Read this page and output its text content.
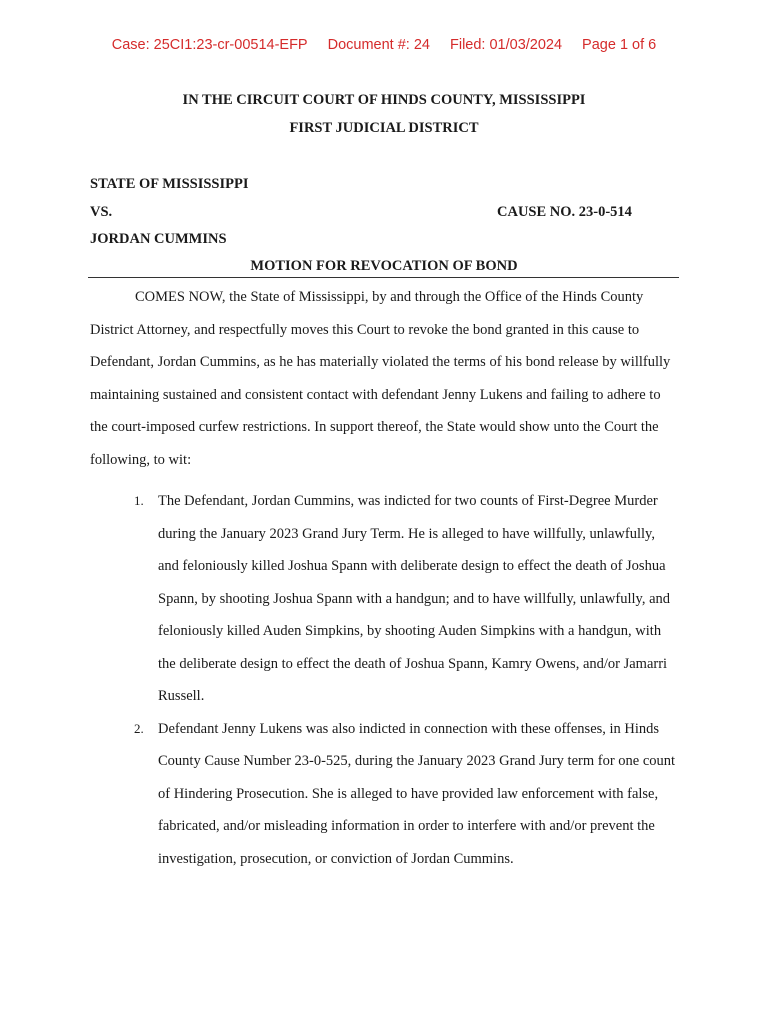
Case: 25CI1:23-cr-00514-EFP Document #: 24 Filed: 01/03/2024 Page 1 of 6
IN THE CIRCUIT COURT OF HINDS COUNTY, MISSISSIPPI
FIRST JUDICIAL DISTRICT
STATE OF MISSISSIPPI
VS.	CAUSE NO. 23-0-514
JORDAN CUMMINS
MOTION FOR REVOCATION OF BOND

COMES NOW, the State of Mississippi, by and through the Office of the Hinds County District Attorney, and respectfully moves this Court to revoke the bond granted in this cause to Defendant, Jordan Cummins, as he has materially violated the terms of his bond release by willfully maintaining sustained and consistent contact with defendant Jenny Lukens and failing to adhere to the court-imposed curfew restrictions. In support thereof, the State would show unto the Court the following, to wit:

1. The Defendant, Jordan Cummins, was indicted for two counts of First-Degree Murder during the January 2023 Grand Jury Term. He is alleged to have willfully, unlawfully, and feloniously killed Joshua Spann with deliberate design to effect the death of Joshua Spann, by shooting Joshua Spann with a handgun; and to have willfully, unlawfully, and feloniously killed Auden Simpkins, by shooting Auden Simpkins with a handgun, with the deliberate design to effect the death of Joshua Spann, Kamry Owens, and/or Jamarri Russell.
2. Defendant Jenny Lukens was also indicted in connection with these offenses, in Hinds County Cause Number 23-0-525, during the January 2023 Grand Jury term for one count of Hindering Prosecution. She is alleged to have provided law enforcement with false, fabricated, and/or misleading information in order to interfere with and/or prevent the investigation, prosecution, or conviction of Jordan Cummins.
